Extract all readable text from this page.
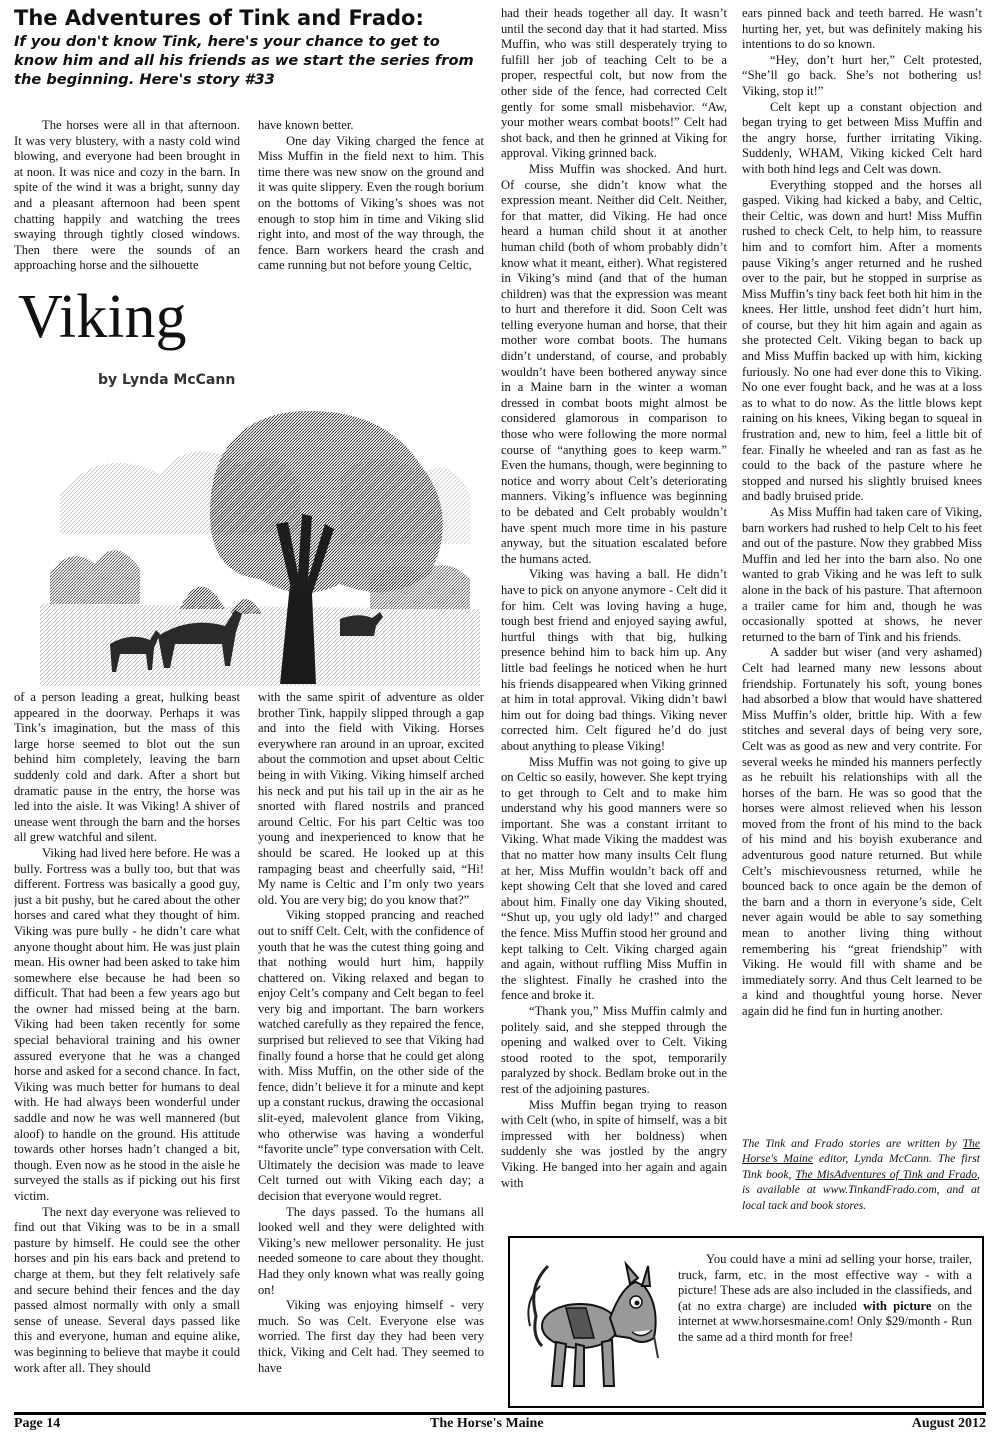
The Adventures of Tink and Frado:
If you don't know Tink, here's your chance to get to know him and all his friends as we start the series from the beginning. Here's story #33

The horses were all in that afternoon. It was very blustery, with a nasty cold wind blowing, and everyone had been brought in at noon. It was nice and cozy in the barn. In spite of the wind it was a bright, sunny day and a pleasant afternoon had been spent chatting happily and watching the trees swaying through tightly closed windows. Then there were the sounds of an approaching horse and the silhouette

have known better.

One day Viking charged the fence at Miss Muffin in the field next to him. This time there was new snow on the ground and it was quite slippery. Even the rough borium on the bottoms of Viking’s shoes was not enough to stop him in time and Viking slid right into, and most of the way through, the fence. Barn workers heard the crash and came running but not before young Celtic,

Viking
by Lynda McCann

of a person leading a great, hulking beast appeared in the doorway. Perhaps it was Tink’s imagination, but the mass of this large horse seemed to blot out the sun behind him completely, leaving the barn suddenly cold and dark. After a short but dramatic pause in the entry, the horse was led into the aisle. It was Viking! A shiver of unease went through the barn and the horses all grew watchful and silent.

Viking had lived here before. He was a bully. Fortress was a bully too, but that was different. Fortress was basically a good guy, just a bit pushy, but he cared about the other horses and cared what they thought of him. Viking was pure bully - he didn’t care what anyone thought about him. He was just plain mean. His owner had been asked to take him somewhere else because he had been so difficult. That had been a few years ago but the owner had missed being at the barn. Viking had been taken recently for some special behavioral training and his owner assured everyone that he was a changed horse and asked for a second chance. In fact, Viking was much better for humans to deal with. He had always been wonderful under saddle and now he was well mannered (but aloof) to handle on the ground. His attitude towards other horses hadn’t changed a bit, though. Even now as he stood in the aisle he surveyed the stalls as if picking out his first victim.

The next day everyone was relieved to find out that Viking was to be in a small pasture by himself. He could see the other horses and pin his ears back and pretend to charge at them, but they felt relatively safe and secure behind their fences and the day passed almost normally with only a small sense of unease. Several days passed like this and everyone, human and equine alike, was beginning to believe that maybe it could work after all. They should

with the same spirit of adventure as older brother Tink, happily slipped through a gap and into the field with Viking. Horses everywhere ran around in an uproar, excited about the commotion and upset about Celtic being in with Viking. Viking himself arched his neck and put his tail up in the air as he snorted with flared nostrils and pranced around Celtic. For his part Celtic was too young and inexperienced to know that he should be scared. He looked up at this rampaging beast and cheerfully said, “Hi! My name is Celtic and I’m only two years old. You are very big; do you know that?”

Viking stopped prancing and reached out to sniff Celt. Celt, with the confidence of youth that he was the cutest thing going and that nothing would hurt him, happily chattered on. Viking relaxed and began to enjoy Celt’s company and Celt began to feel very big and important. The barn workers watched carefully as they repaired the fence, surprised but relieved to see that Viking had finally found a horse that he could get along with. Miss Muffin, on the other side of the fence, didn’t believe it for a minute and kept up a constant ruckus, drawing the occasional slit-eyed, malevolent glance from Viking, who otherwise was having a wonderful “favorite uncle” type conversation with Celt. Ultimately the decision was made to leave Celt turned out with Viking each day; a decision that everyone would regret.

The days passed. To the humans all looked well and they were delighted with Viking’s new mellower personality. He just needed someone to care about they thought. Had they only known what was really going on!

Viking was enjoying himself - very much. So was Celt. Everyone else was worried. The first day they had been very thick, Viking and Celt had. They seemed to have

had their heads together all day. It wasn’t until the second day that it had started. Miss Muffin, who was still desperately trying to fulfill her job of teaching Celt to be a proper, respectful colt, but now from the other side of the fence, had corrected Celt gently for some small misbehavior. “Aw, your mother wears combat boots!” Celt had shot back, and then he grinned at Viking for approval. Viking grinned back.

Miss Muffin was shocked. And hurt. Of course, she didn’t know what the expression meant. Neither did Celt. Neither, for that matter, did Viking. He had once heard a human child shout it at another human child (both of whom probably didn’t know what it meant, either). What registered in Viking’s mind (and that of the human children) was that the expression was meant to hurt and therefore it did. Soon Celt was telling everyone human and horse, that their mother wore combat boots. The humans didn’t understand, of course, and probably wouldn’t have been bothered anyway since in a Maine barn in the winter a woman dressed in combat boots might almost be considered glamorous in comparison to those who were following the more normal course of “anything goes to keep warm.” Even the humans, though, were beginning to notice and worry about Celt’s deteriorating manners. Viking’s influence was beginning to be debated and Celt probably wouldn’t have spent much more time in his pasture anyway, but the situation escalated before the humans acted.

Viking was having a ball. He didn’t have to pick on anyone anymore - Celt did it for him. Celt was loving having a huge, tough best friend and enjoyed saying awful, hurtful things with that big, hulking presence behind him to back him up. Any little bad feelings he noticed when he hurt his friends disappeared when Viking grinned at him in total approval. Viking didn’t bawl him out for doing bad things. Viking never corrected him. Celt figured he’d do just about anything to please Viking!

Miss Muffin was not going to give up on Celtic so easily, however. She kept trying to get through to Celt and to make him understand why his good manners were so important. She was a constant irritant to Viking. What made Viking the maddest was that no matter how many insults Celt flung at her, Miss Muffin wouldn’t back off and kept showing Celt that she loved and cared about him. Finally one day Viking shouted, “Shut up, you ugly old lady!” and charged the fence. Miss Muffin stood her ground and kept talking to Celt. Viking charged again and again, without ruffling Miss Muffin in the slightest. Finally he crashed into the fence and broke it.

“Thank you,” Miss Muffin calmly and politely said, and she stepped through the opening and walked over to Celt. Viking stood rooted to the spot, temporarily paralyzed by shock. Bedlam broke out in the rest of the adjoining pastures.

Miss Muffin began trying to reason with Celt (who, in spite of himself, was a bit impressed with her boldness) when suddenly she was jostled by the angry Viking. He banged into her again and again with

ears pinned back and teeth barred. He wasn’t hurting her, yet, but was definitely making his intentions to do so known.

“Hey, don’t hurt her,” Celt protested, “She’ll go back. She’s not bothering us! Viking, stop it!”

Celt kept up a constant objection and began trying to get between Miss Muffin and the angry horse, further irritating Viking. Suddenly, WHAM, Viking kicked Celt hard with both hind legs and Celt was down.

Everything stopped and the horses all gasped. Viking had kicked a baby, and Celtic, their Celtic, was down and hurt! Miss Muffin rushed to check Celt, to help him, to reassure him and to comfort him. After a moments pause Viking’s anger returned and he rushed over to the pair, but he stopped in surprise as Miss Muffin’s tiny back feet both hit him in the knees. Her little, unshod feet didn’t hurt him, of course, but they hit him again and again as she protected Celt. Viking began to back up and Miss Muffin backed up with him, kicking furiously. No one had ever done this to Viking. No one ever fought back, and he was at a loss as to what to do now. As the little blows kept raining on his knees, Viking began to squeal in frustration and, new to him, feel a little bit of fear. Finally he wheeled and ran as fast as he could to the back of the pasture where he stopped and nursed his slightly bruised knees and badly bruised pride.

As Miss Muffin had taken care of Viking, barn workers had rushed to help Celt to his feet and out of the pasture. Now they grabbed Miss Muffin and led her into the barn also. No one wanted to grab Viking and he was left to sulk alone in the back of his pasture. That afternoon a trailer came for him and, though he was occasionally spotted at shows, he never returned to the barn of Tink and his friends.

A sadder but wiser (and very ashamed) Celt had learned many new lessons about friendship. Fortunately his soft, young bones had absorbed a blow that would have shattered Miss Muffin’s older, brittle hip. With a few stitches and several days of being very sore, Celt was as good as new and very contrite. For several weeks he minded his manners perfectly as he rebuilt his relationships with all the horses of the barn. He was so good that the horses were almost relieved when his lesson moved from the front of his mind to the back of his mind and his boyish exuberance and adventurous good nature returned. But while Celt’s mischievousness returned, while he bounced back to once again be the demon of the barn and a thorn in everyone’s side, Celt never again would be able to say something mean to another living thing without remembering his “great friendship” with Viking. He would fill with shame and be immediately sorry. And thus Celt learned to be a kind and thoughtful young horse. Never again did he find fun in hurting another.

The Tink and Frado stories are written by The Horse's Maine editor, Lynda McCann. The first Tink book, The MisAdventures of Tink and Frado, is available at www.TinkandFrado.com, and at local tack and book stores.

You could have a mini ad selling your horse, trailer, truck, farm, etc. in the most effective way - with a picture! These ads are also included in the classifieds, and (at no extra charge) are included with picture on the internet at www.horsesmaine.com! Only $29/month - Run the same ad a third month for free!

Page 14	The Horse's Maine	August 2012
